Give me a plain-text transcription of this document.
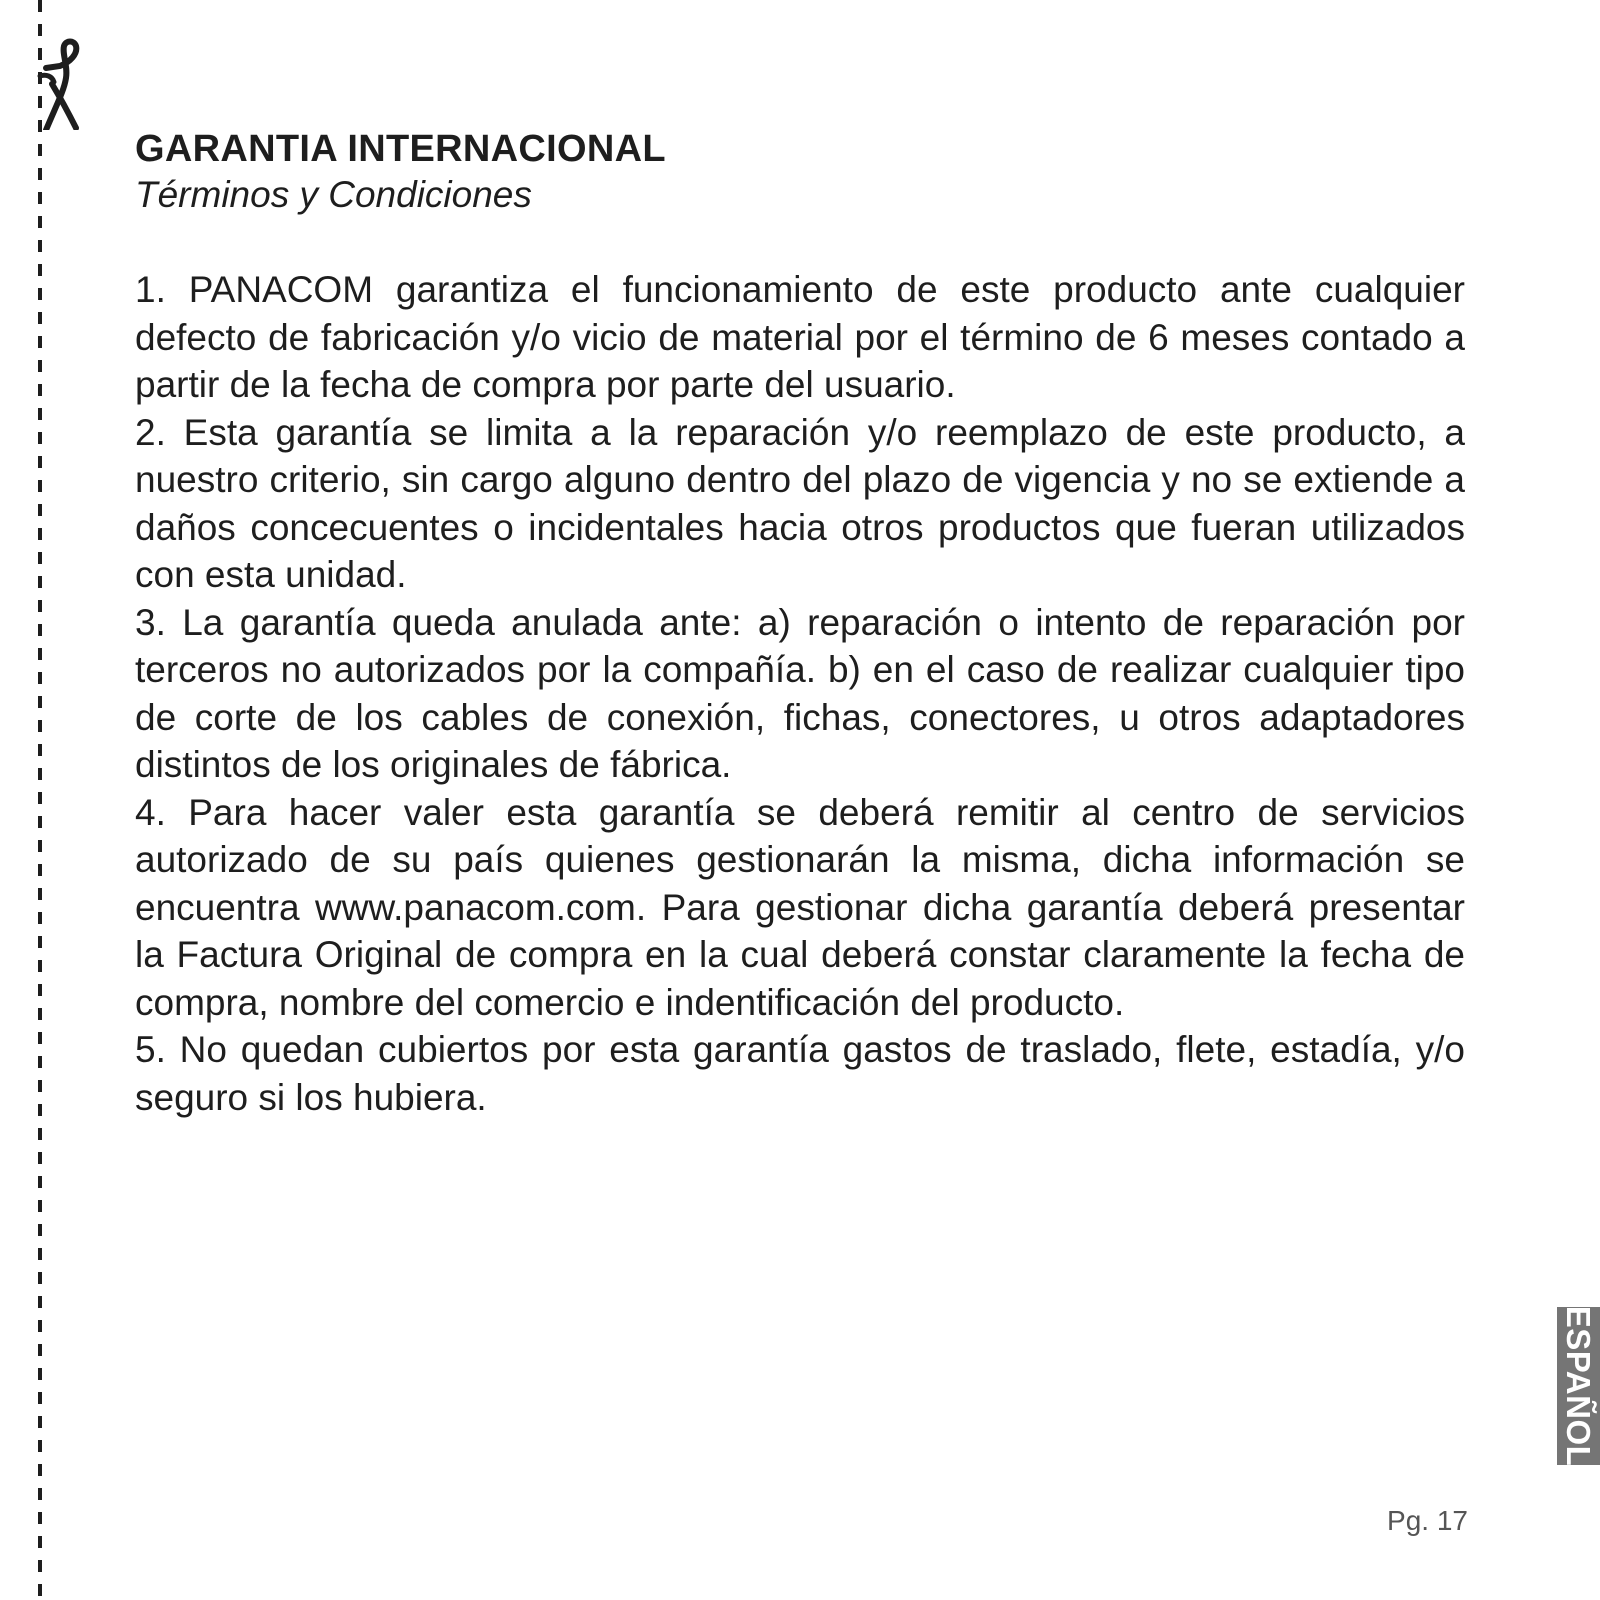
GARANTIA INTERNACIONAL

Términos y Condiciones

1. PANACOM garantiza el funcionamiento de este producto ante cualquier defecto de fabricación y/o vicio de material por el término de 6 meses contado a partir de la fecha de compra por parte del usuario.

2. Esta garantía se limita a la reparación y/o reemplazo de este producto, a nuestro criterio, sin cargo alguno dentro del plazo de vigencia y no se extiende a daños concecuentes o incidentales hacia otros productos que fueran utilizados con esta unidad.

3. La garantía queda anulada ante: a) reparación o intento de reparación por terceros no autorizados por la compañía. b) en el caso de realizar cualquier tipo de corte de los cables de conexión, fichas, conectores, u otros adaptadores distintos de los originales de fábrica.

4. Para hacer valer esta garantía se deberá remitir al centro de servicios autorizado de su país quienes gestionarán la misma, dicha información se encuentra www.panacom.com. Para gestionar dicha garantía deberá presentar la Factura Original de compra en la cual deberá constar claramente la fecha de compra, nombre del comercio e indentificación del producto.

5. No quedan cubiertos por esta garantía gastos de traslado, flete, estadía, y/o seguro si los hubiera.

ESPAÑOL
Pg. 17
